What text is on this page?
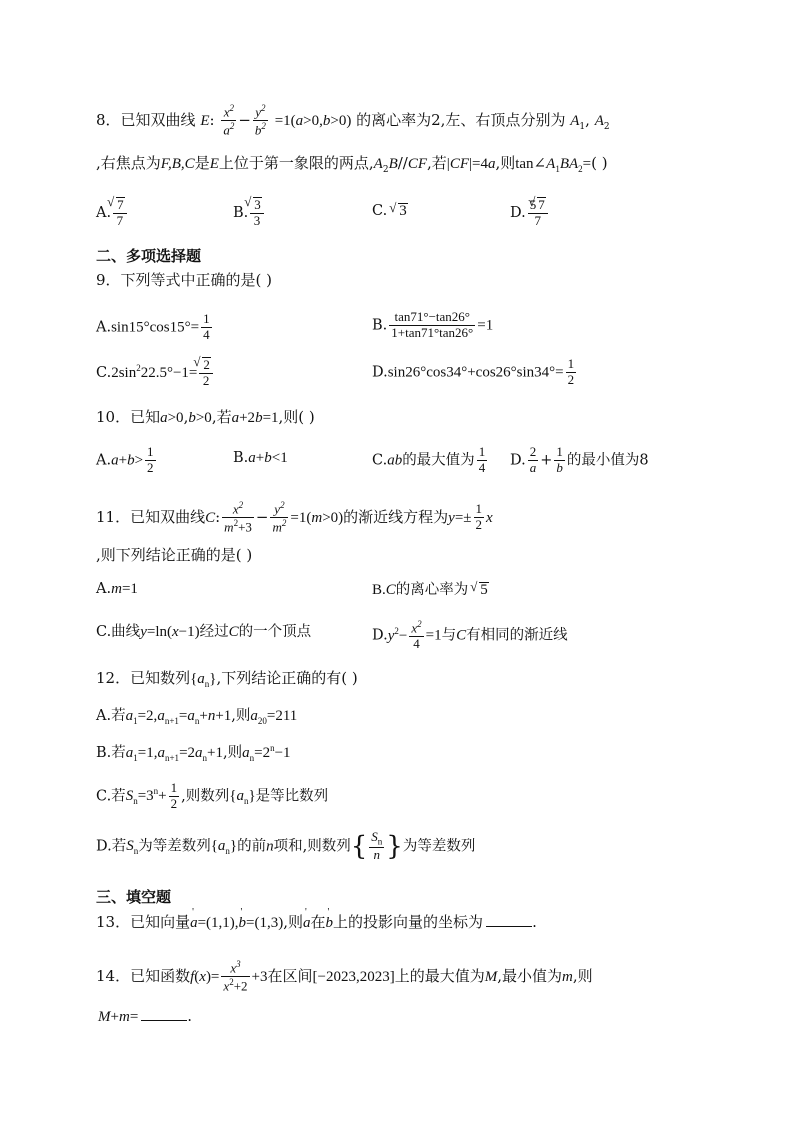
8．已知双曲线 E: $\frac{x^2}{a^2} - \frac{y^2}{b^2} =1(a>0,b>0)$ 的离心率为2,左、右顶点分别为 $A_1$, $A_2$
,右焦点为F,B,C是E上位于第一象限的两点$,A_2B//CF$,若|CF|=4a,则$\tan\angle A_1BA_2=$( )
A. √ $\frac{7}{7}$	B. √ $\frac{3}{3}$	C. √ 3	D. $\frac{5 √ 7}{7}$
二、多项选择题
9．下列等式中正确的是( )
$A.\sin 15^\circ\cos 15^\circ= \frac{1}{4}$	B. $\frac{\tan 71^\circ-\tan 26^\circ}{1+\tan 71^\circ\tan 26^\circ} =1$
$C.2\sin^222.5^\circ-1=$ √ $\frac{2}{2}$	$D.\sin 26^\circ\cos 34^\circ+\cos 26^\circ\sin 34^\circ= \frac{1}{2}$
10．已知a>0,b>0,若a+2b=1,则( )
$A.a+b> \frac{1}{2}$	B.a+b<1	C.ab的最大值为 $\frac{1}{4} D$. $\frac{2}{a} + \frac{1}{b}$ 的最小值为8
11．已知双曲线C: $\frac{x^2}{m^2+3} - \frac{y^2}{m^2} =1(m>0)$的渐近线方程为$y=\pm \frac{1}{2}$ x
,则下列结论正确的是( )
A.m=1	B.C的离心率为 √ 5
C.曲线y=ln(x−1)经过C的一个顶点	$D.y^2- \frac{x^2}{4} =1$与C有相同的渐近线
12．已知数列$\{a_n\}$,下列结论正确的有( )
A.若$a_1=2,a_{n+1}=a_n+n+1$,则$a_{20}=211$
B.若$a_1=1,a_{n+1}=2a_n+1$,则$a_n=2^n-1$
C.若$S_n=3^n+ \frac{1}{2}$ ,则数列$\{a_n\}$是等比数列
D.若$S_n$为等差数列$\{a_n\}$的前n项和,则数列{ $\frac{S_n}{n}$ }为等差数列
三、填空题
13．已知向量' a=(1,1),' b=(1,3),则' a在' b上的投影向量的坐标为	.
14．已知函数$f(x)= \frac{x^3}{x^2+2} +3$在区间[−2023,2023]上的最大值为M,最小值为m,则
M+m=	.
